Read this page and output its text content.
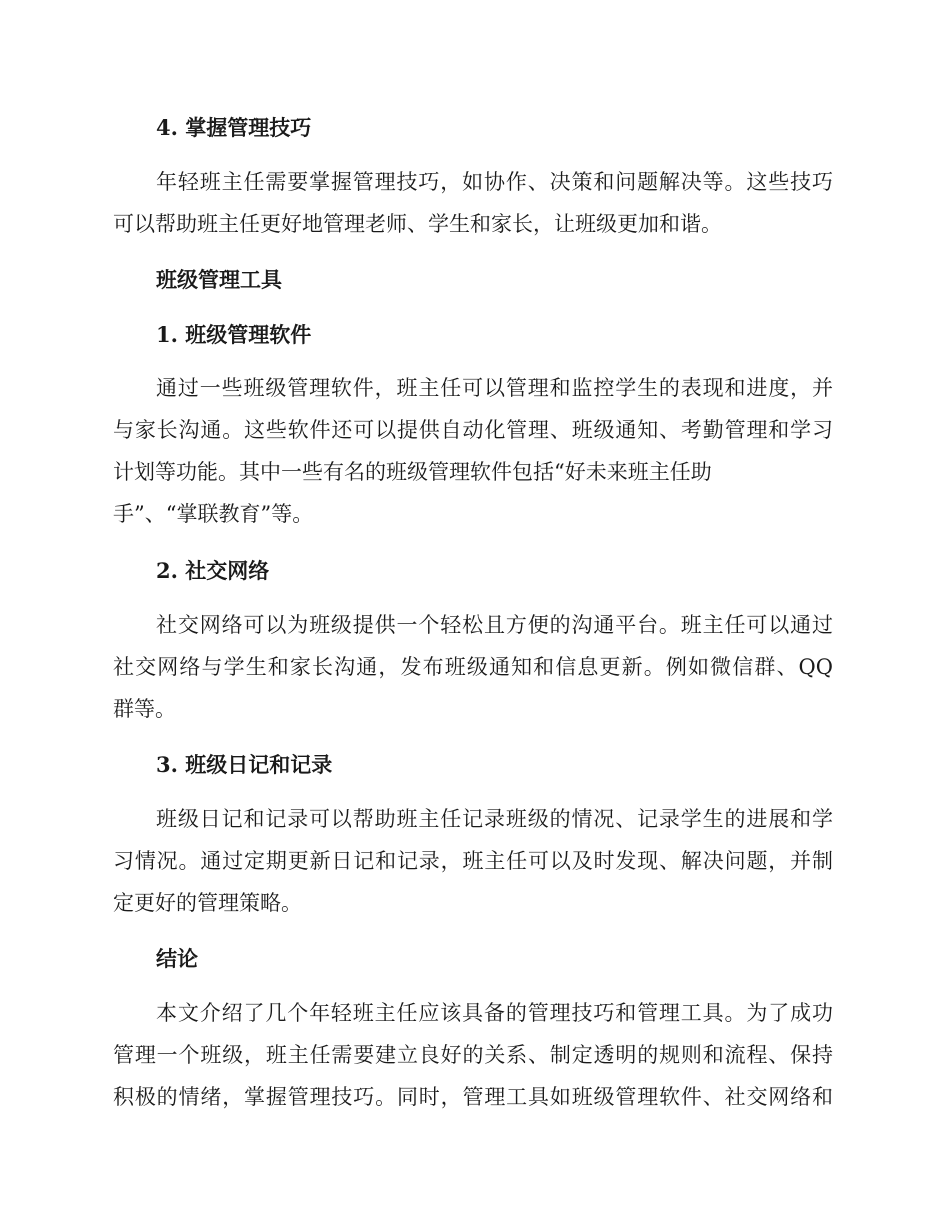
4. 掌握管理技巧
年轻班主任需要掌握管理技巧，如协作、决策和问题解决等。这些技巧
可以帮助班主任更好地管理老师、学生和家长，让班级更加和谐。
班级管理工具
1. 班级管理软件
通过一些班级管理软件，班主任可以管理和监控学生的表现和进度，并
与家长沟通。这些软件还可以提供自动化管理、班级通知、考勤管理和学习
计划等功能。其中一些有名的班级管理软件包括“好未来班主任助
手”、“掌联教育”等。
2. 社交网络
社交网络可以为班级提供一个轻松且方便的沟通平台。班主任可以通过
社交网络与学生和家长沟通，发布班级通知和信息更新。例如微信群、QQ
群等。
3. 班级日记和记录
班级日记和记录可以帮助班主任记录班级的情况、记录学生的进展和学
习情况。通过定期更新日记和记录，班主任可以及时发现、解决问题，并制
定更好的管理策略。
结论
本文介绍了几个年轻班主任应该具备的管理技巧和管理工具。为了成功
管理一个班级，班主任需要建立良好的关系、制定透明的规则和流程、保持
积极的情绪，掌握管理技巧。同时，管理工具如班级管理软件、社交网络和
